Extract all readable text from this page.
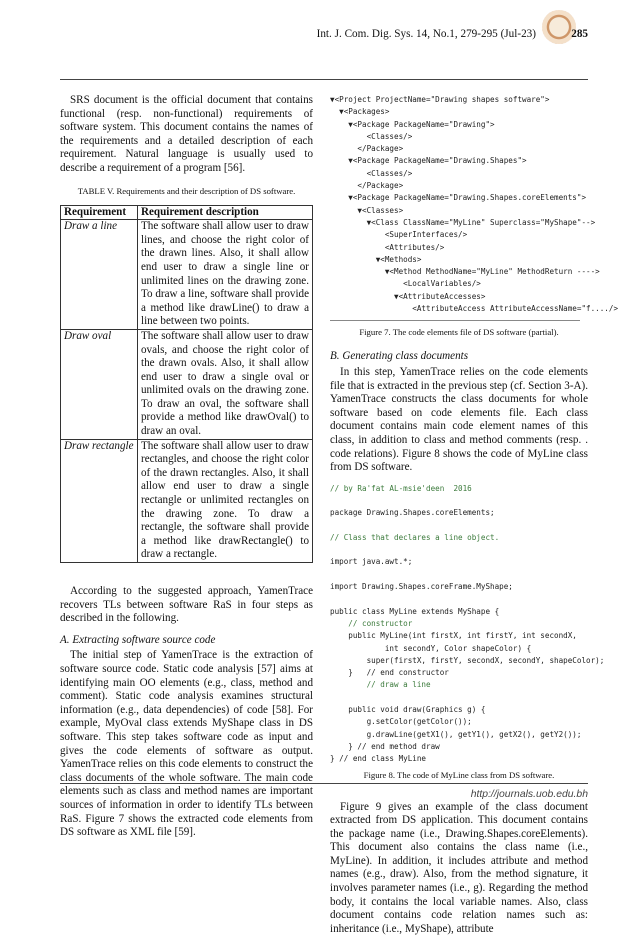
Int. J. Com. Dig. Sys. 14, No.1, 279-295 (Jul-23)	285

SRS document is the official document that contains functional (resp. non-functional) requirements of software system. This document contains the names of the requirements and a detailed description of each requirement. Natural language is usually used to describe a requirement of a program [56].

TABLE V. Requirements and their description of DS software.

Requirement	Requirement description
Draw a line	The software shall allow user to draw lines, and choose the right color of the drawn lines. Also, it shall allow end user to draw a single line or unlimited lines on the drawing zone. To draw a line, software shall provide a method like drawLine() to draw a line between two points.
Draw oval	The software shall allow user to draw ovals, and choose the right color of the drawn ovals. Also, it shall allow end user to draw a single oval or unlimited ovals on the drawing zone. To draw an oval, the software shall provide a method like drawOval() to draw an oval.
Draw rectangle	The software shall allow user to draw rectangles, and choose the right color of the drawn rectangles. Also, it shall allow end user to draw a single rectangle or unlimited rectangles on the drawing zone. To draw a rectangle, the software shall provide a method like drawRectangle() to draw a rectangle.

According to the suggested approach, YamenTrace recovers TLs between software RaS in four steps as described in the following.

A. Extracting software source code

The initial step of YamenTrace is the extraction of software source code. Static code analysis [57] aims at identifying main OO elements (e.g., class, method and comment). Static code analysis examines structural information (e.g., data dependencies) of code [58]. For example, MyOval class extends MyShape class in DS software. This step takes software code as input and gives the code elements of software as output. YamenTrace relies on this code elements to construct the class documents of the whole software. The main code elements such as class and method names are important sources of information in order to identify TLs between RaS. Figure 7 shows the extracted code elements from DS software as XML file [59].

▼<Project ProjectName="Drawing shapes software">
▼<Packages>
▼<Package PackageName="Drawing">
<Classes/>
</Package>
▼<Package PackageName="Drawing.Shapes">
<Classes/>
</Package>
▼<Package PackageName="Drawing.Shapes.coreElements">
▼<Classes>
▼<Class ClassName="MyLine" Superclass="MyShape"-->
<SuperInterfaces/>
<Attributes/>
▼<Methods>
▼<Method MethodName="MyLine" MethodReturn ---->
<LocalVariables/>
▼<AttributeAccesses>
<AttributeAccess AttributeAccessName="f..../>

Figure 7. The code elements file of DS software (partial).

B. Generating class documents

In this step, YamenTrace relies on the code elements file that is extracted in the previous step (cf. Section 3-A). YamenTrace constructs the class documents for whole software based on code elements file. Each class document contains main code element names of this class, in addition to class and method comments (resp. . code relations). Figure 8 shows the code of MyLine class from DS software.

// by Ra'fat AL-msie'deen  2016

package Drawing.Shapes.coreElements;

// Class that declares a line object.

import java.awt.*;

import Drawing.Shapes.coreFrame.MyShape;

public class MyLine extends MyShape {
// constructor
public MyLine(int firstX, int firstY, int secondX,
int secondY, Color shapeColor) {
super(firstX, firstY, secondX, secondY, shapeColor);
}   // end constructor
// draw a line

public void draw(Graphics g) {
g.setColor(getColor());
g.drawLine(getX1(), getY1(), getX2(), getY2());
} // end method draw
} // end class MyLine

Figure 8. The code of MyLine class from DS software.

Figure 9 gives an example of the class document extracted from DS application. This document contains the package name (i.e., Drawing.Shapes.coreElements). This document also contains the class name (i.e., MyLine). In addition, it includes attribute and method names (e.g., draw). Also, from the method signature, it involves parameter names (i.e., g). Regarding the method body, it contains the local variable names. Also, class document contains code relation names such as: inheritance (i.e., MyShape), attribute

http://journals.uob.edu.bh
